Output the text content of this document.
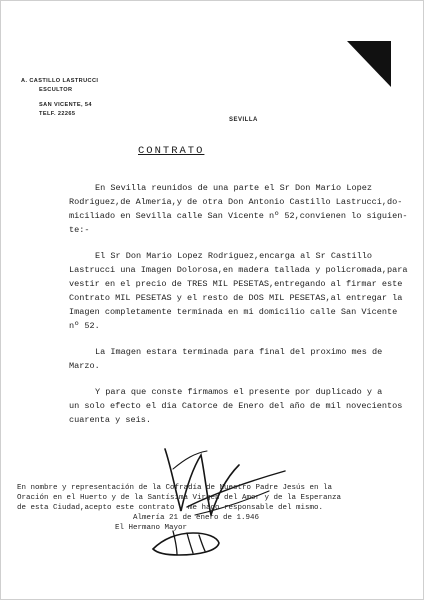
A. CASTILLO LASTRUCCI
ESCULTOR
SAN VICENTE, 54
TELF. 22265
SEVILLA
CONTRATO
En Sevilla reunidos de una parte el Sr Don Mario Lopez
Rodriguez,de Almeria,y de otra Don Antonio Castillo Lastrucci,do-
miciliado en Sevilla calle San Vicente nº 52,convienen lo siguien-
te:-
El Sr Don Mario Lopez Rodriguez,encarga al Sr Castillo
Lastrucci una Imagen Dolorosa,en madera tallada y policromada,para
vestir en el precio de TRES MIL PESETAS,entregando al firmar este
Contrato MIL PESETAS y el resto de DOS MIL PESETAS,al entregar la
Imagen completamente terminada en mi domicilio calle San Vicente
nº 52.
La Imagen estara terminada para final del proximo mes de
Marzo.
Y para que conste firmamos el presente por duplicado y a
un solo efecto el dia Catorce de Enero del año de mil novecientos
cuarenta y seis.
En nombre y representación de la Cofradía de Nuestro Padre Jesús en la
Oración en el Huerto y de la Santísima Virgen del Amor y de la Esperanza
de esta Ciudad,acepto este contrato y me hago responsable del mismo.
Almería 21 de enero de 1.946
El Hermano Mayor
